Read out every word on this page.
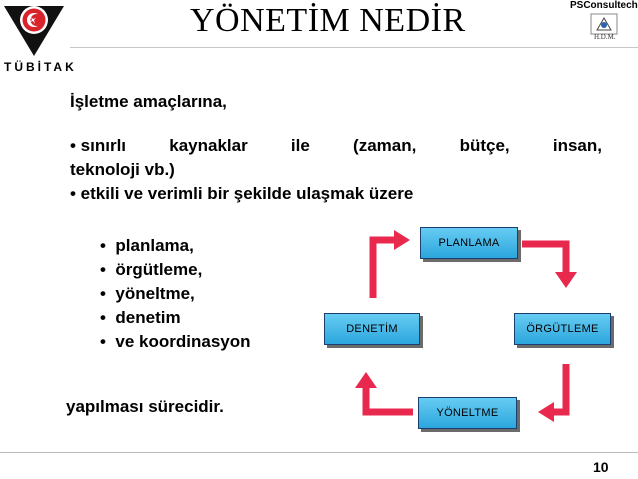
TÜBİTAK
YÖNETİM NEDİR	PSConsultech
H.D.M.
İşletme amaçlarına,
• sınırlı	kaynaklar	ile	(zaman,	bütçe,	insan,
teknoloji vb.)
• etkili ve verimli bir şekilde ulaşmak üzere
• planlama,
• örgütleme,
• yöneltme,
• denetim
• ve koordinasyon
yapılması sürecidir.
PLANLAMA
ÖRGÜTLEME
YÖNELTME
DENETİM
10
